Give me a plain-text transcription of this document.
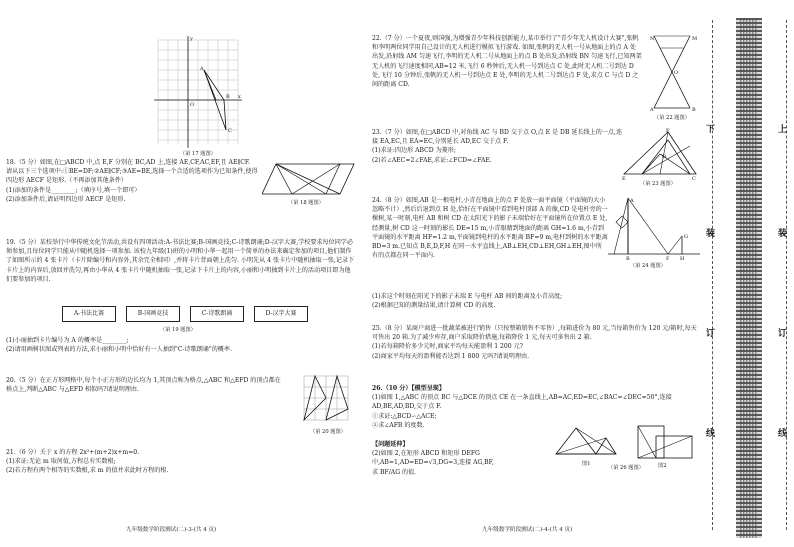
y
x
A
B
C
O
（第 17 题图）

18.（5 分）如图,在□ABCD 中,点 E,F 分别在 BC,AD 上,连接 AE,CF,AC,EF,且 AE∥CF. 请从以下三个选项中:①BE=DF;②AE∥CF;③AE=BE,选择一个合适的选项作为已知条件,使得四边形 AECF 是矩形.（不再添加其他条件）

(1)添加的条件是________;（填序号,填一个即可）

(2)添加条件后,请证明四边形 AECF 是矩形.

（第 18 题图）

19.（5 分）某校举行中华传统文化节活动,共设有四项活动:A-书法比赛;B-国画竞技;C-诗歌朗诵;D-汉字大赛,学校要求每位同学必须参加,且每位同学只能从中随机选择一项参加. 该校九年级(1)班的小明和小华一起用一个简单的办法来确定参加的项目,他们制作了如图所示的 4 张卡片（卡片除编号和内容外,其余完全相同）,并将卡片背面朝上洗匀. 小明先从 4 张卡片中随机抽取一张,记录下卡片上的内容后,放回并洗匀,再由小华从 4 张卡片中随机抽取一张,记录下卡片上的内容,小丽和小明抽到卡片上的活动项目即为他们要参加的项目.

A-书法比赛	B-国画竞技	C-诗歌朗诵	D-汉字大赛
（第 19 题图）

(1)小丽抽到卡片编号为 A 的概率是________;

(2)请用画树状图或列表的方法,求小丽和小明中恰好有一人抽到"C-诗歌朗诵"的概率.

20.（5 分）在正方形网格中,每个小正方形的边长均为 1,其顶点称为格点,△ABC 和△EFD 的顶点都在格点上,判断△ABC 与△EFD 相似吗?请说明理由.

（第 20 题图）

21.（6 分）关于 x 的方程 2x²+(m+2)x+m=0.

(1)求证:无论 m 取何值,方程总有实数根;

(2)若方程有两个相等的实数根,求 m 的值并求此时方程的根.

九年级数学阶段测试(二)-3-(共 4 页)

22.（7 分）一个夏夜,则国强,为增强青少年科技创新能力,某市举行了"青少年无人机设计大赛",张帆和李明两位同学用自己设计的无人机进行模拟飞行游戏. 如图,张帆的无人机一号从地面上的点 A 处出发,沿射线 AM 匀速飞行,李明的无人机二号从地面上的点 B 处出发,沿射线 BN 匀速飞行,已知两架无人机的飞行速度相同,AB=12 米,飞行 6 秒钟后,无人机一号到达点 C 处,此时无人机二号到达 D 处,飞行 10 分钟后,张帆的无人机一号到达点 E 处,李明的无人机二号到达点 F 处,求点 C 与点 D 之间的距离 CD.

N	M
A	B
O
（第 22 题图）

23.（7 分）如图,在□ABCD 中,对角线 AC 与 BD 交于点 O,点 E 是 DB 延长线上的一点,连接 EA,EC,且 EA=EC,分别延长 AD,EC 交于点 F.

(1)求证:四边形 ABCD 为菱形;

(2)若∠AEC=2∠FAE,求证:∠FCD=∠FAE.

F
E	C
O
（第 23 题图）

24.（8 分）如图,AB 是一根电杆,小青在地面上的点 F 处放一面平面镜（平面镜的大小忽略不计）,然后后退到点 H 处,恰好在平面镜中看到电杆顶部 A 的像,CD 是电杆旁的一棵树,某一时刻,电杆 AB 和树 CD 在太阳光下的影子末端恰好在平面镜所在位置点 E 处,经测量,树 CD 这一时刻的影长 DE=15 m,小青眼睛到地面的距离 GH=1.6 m,小青到平面镜的水平距离 HF=1.2 m,平面镜到电杆的水平距离 BF=9 m,电杆到树的水平距离 BD=3 m.已知点 B,E,D,F,H 在同一水平直线上,AB⊥EH,CD⊥EH,GH⊥EH,图中所有的点都在同一平面内.

A
B	F H
G
（第 24 题图）

(1)求这个时刻在阳光下的影子末端 E 与电杆 AB 间的距离及小青高度;

(2)根据已知的测量结果,请计算树 CD 的高度.

25.（8 分）某商户商进一批蔬菜被进行销售（只按整箱销售不零售）,每箱进价为 80 元,当每箱售价为 120 元/箱时,每天可售出 20 箱.为了减少库存,商户采取降价措施,每箱降价 1 元,每天可多售出 2 箱.

(1)若每箱降价多少元时,商家平均每天能盈利 1 200 元?

(2)商家平均每天的盈利能否达到 1 800 元吗?请说明理由.

26.（10 分）【模型呈现】

(1)如图 1,△ABC 的顶点 BC 与△DCE 的顶点 CE 在一条直线上,AB=AC,ED=EC,∠BAC=∠DEC=50°,连接 AD,BE,AD,BD,交于点 F.

①求证:△BCD∽△ACE;

②求∠AFB 的度数.

【问题延伸】

(2)如图 2,在矩形 ABCD 和矩形 DEFG 中,AB=1,AD=ED=√3,DG=3,连接 AG,BF,

求 BF/AG 的值.

图1
（第 26 题图）	图2
九年级数学阶段测试(二)-4-(共 4 页)
下
装
订
线
上
装
订
线
